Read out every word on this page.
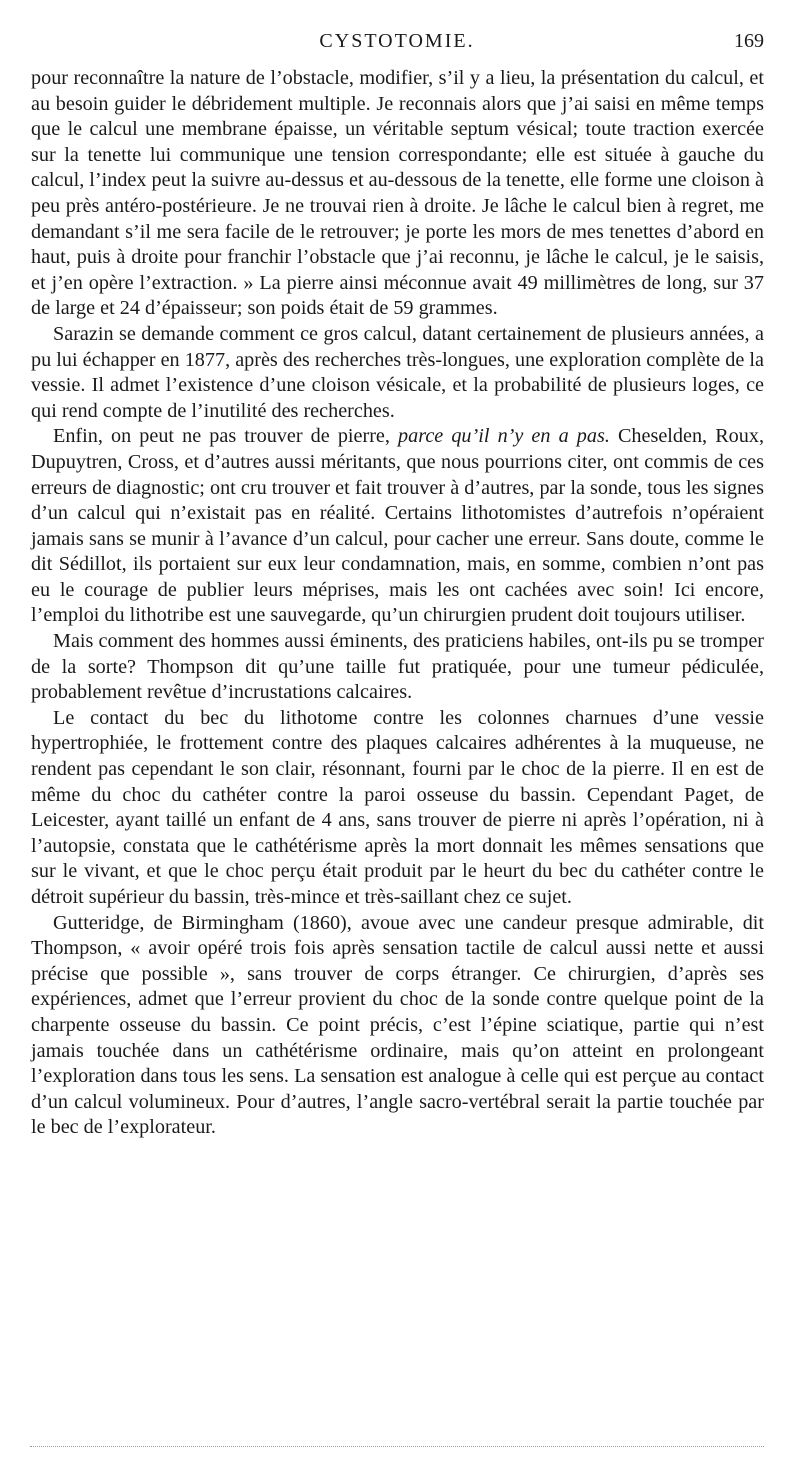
CYSTOTOMIE.	169

pour reconnaître la nature de l’obstacle, modifier, s’il y a lieu, la présentation du calcul, et au besoin guider le débridement multiple. Je reconnais alors que j’ai saisi en même temps que le calcul une membrane épaisse, un véritable septum vésical; toute traction exercée sur la tenette lui communique une tension correspondante; elle est située à gauche du calcul, l’index peut la suivre au-dessus et au-dessous de la tenette, elle forme une cloison à peu près antéro-postérieure. Je ne trouvai rien à droite. Je lâche le calcul bien à regret, me demandant s’il me sera facile de le retrouver; je porte les mors de mes tenettes d’abord en haut, puis à droite pour franchir l’obstacle que j’ai reconnu, je lâche le calcul, je le saisis, et j’en opère l’extraction. » La pierre ainsi méconnue avait 49 millimètres de long, sur 37 de large et 24 d’épaisseur; son poids était de 59 grammes.

Sarazin se demande comment ce gros calcul, datant certainement de plusieurs années, a pu lui échapper en 1877, après des recherches très-longues, une exploration complète de la vessie. Il admet l’existence d’une cloison vésicale, et la probabilité de plusieurs loges, ce qui rend compte de l’inutilité des recherches.

Enfin, on peut ne pas trouver de pierre, parce qu’il n’y en a pas. Cheselden, Roux, Dupuytren, Cross, et d’autres aussi méritants, que nous pourrions citer, ont commis de ces erreurs de diagnostic; ont cru trouver et fait trouver à d’autres, par la sonde, tous les signes d’un calcul qui n’existait pas en réalité. Certains lithotomistes d’autrefois n’opéraient jamais sans se munir à l’avance d’un calcul, pour cacher une erreur. Sans doute, comme le dit Sédillot, ils portaient sur eux leur condamnation, mais, en somme, combien n’ont pas eu le courage de publier leurs méprises, mais les ont cachées avec soin! Ici encore, l’emploi du lithotribe est une sauvegarde, qu’un chirurgien prudent doit toujours utiliser.

Mais comment des hommes aussi éminents, des praticiens habiles, ont-ils pu se tromper de la sorte? Thompson dit qu’une taille fut pratiquée, pour une tumeur pédiculée, probablement revêtue d’incrustations calcaires.

Le contact du bec du lithotome contre les colonnes charnues d’une vessie hypertrophiée, le frottement contre des plaques calcaires adhérentes à la muqueuse, ne rendent pas cependant le son clair, résonnant, fourni par le choc de la pierre. Il en est de même du choc du cathéter contre la paroi osseuse du bassin. Cependant Paget, de Leicester, ayant taillé un enfant de 4 ans, sans trouver de pierre ni après l’opération, ni à l’autopsie, constata que le cathétérisme après la mort donnait les mêmes sensations que sur le vivant, et que le choc perçu était produit par le heurt du bec du cathéter contre le détroit supérieur du bassin, très-mince et très-saillant chez ce sujet.

Gutteridge, de Birmingham (1860), avoue avec une candeur presque admirable, dit Thompson, « avoir opéré trois fois après sensation tactile de calcul aussi nette et aussi précise que possible », sans trouver de corps étranger. Ce chirurgien, d’après ses expériences, admet que l’erreur provient du choc de la sonde contre quelque point de la charpente osseuse du bassin. Ce point précis, c’est l’épine sciatique, partie qui n’est jamais touchée dans un cathétérisme ordinaire, mais qu’on atteint en prolongeant l’exploration dans tous les sens. La sensation est analogue à celle qui est perçue au contact d’un calcul volumineux. Pour d’autres, l’angle sacro-vertébral serait la partie touchée par le bec de l’explorateur.
